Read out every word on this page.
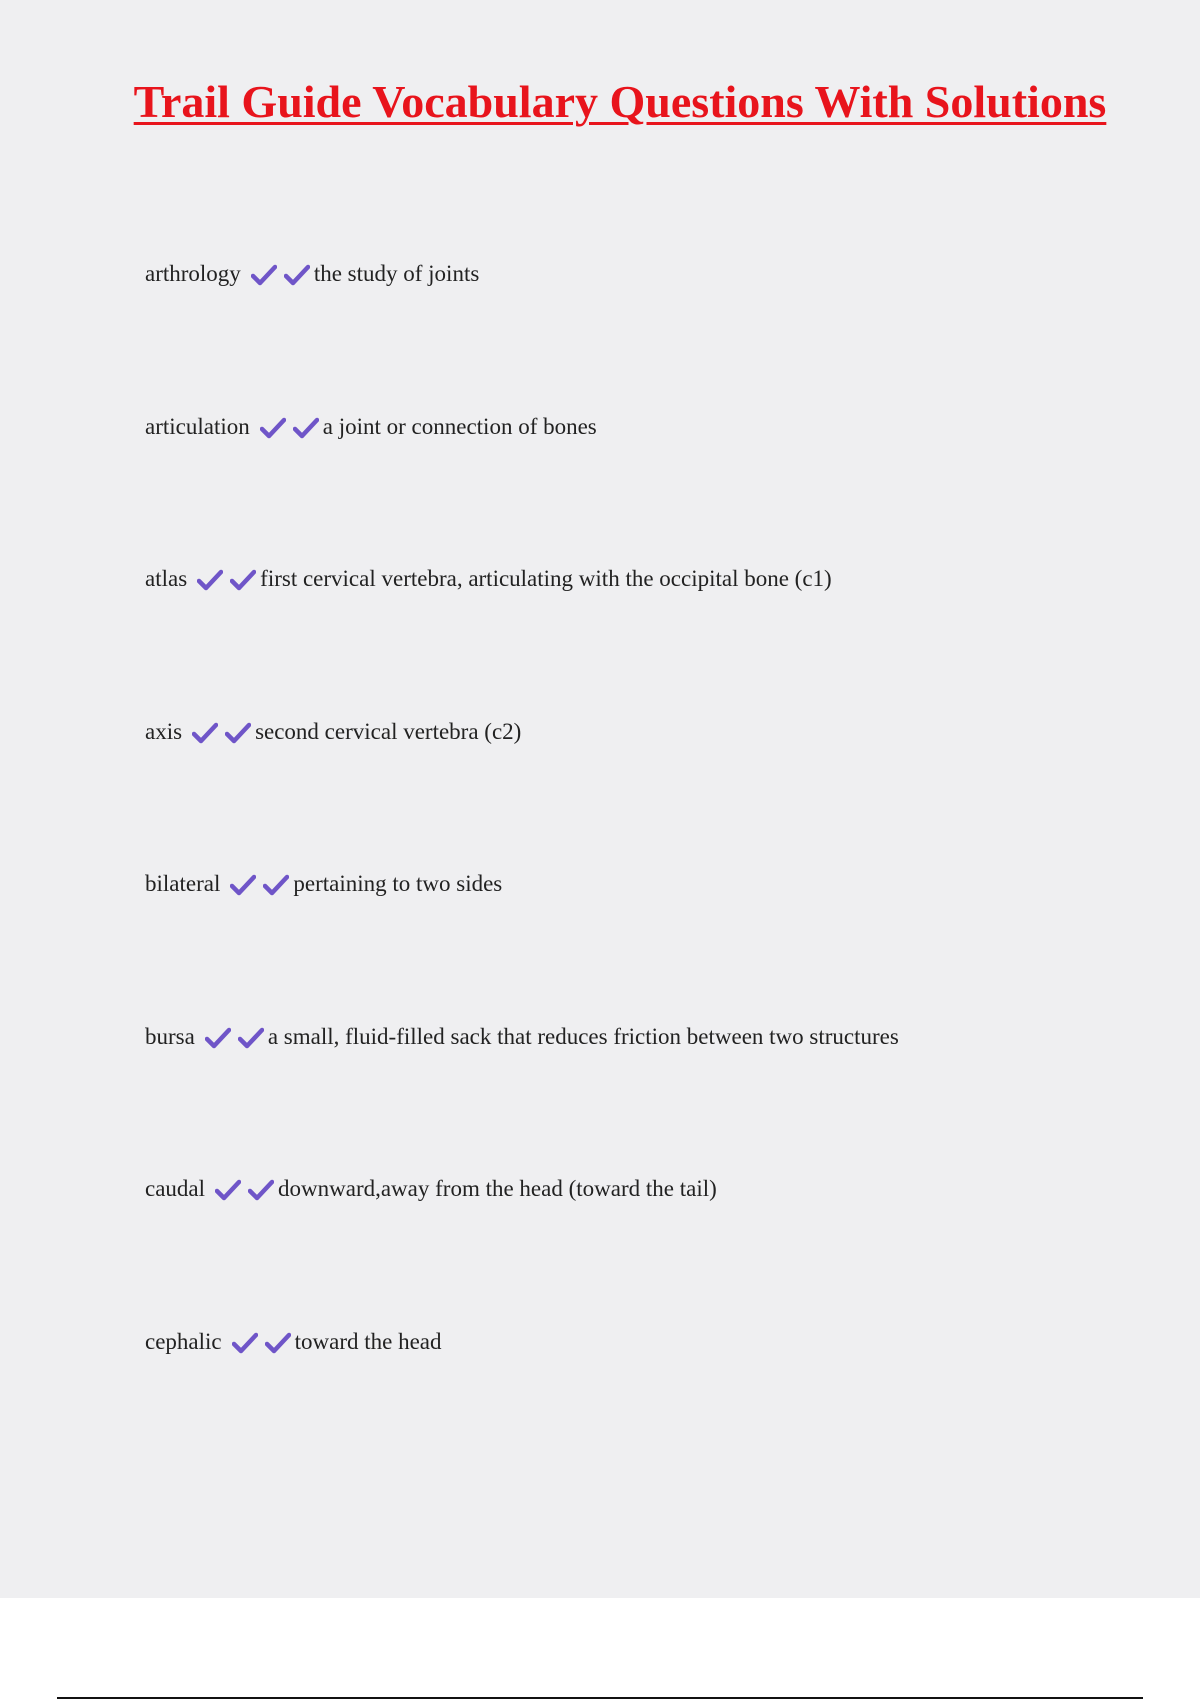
Trail Guide Vocabulary Questions With Solutions
arthrology	the study of joints
articulation	a joint or connection of bones
atlas	first cervical vertebra, articulating with the occipital bone (c1)
axis	second cervical vertebra (c2)
bilateral	pertaining to two sides
bursa	a small, fluid-filled sack that reduces friction between two structures
caudal	downward,away from the head (toward the tail)
cephalic	toward the head
